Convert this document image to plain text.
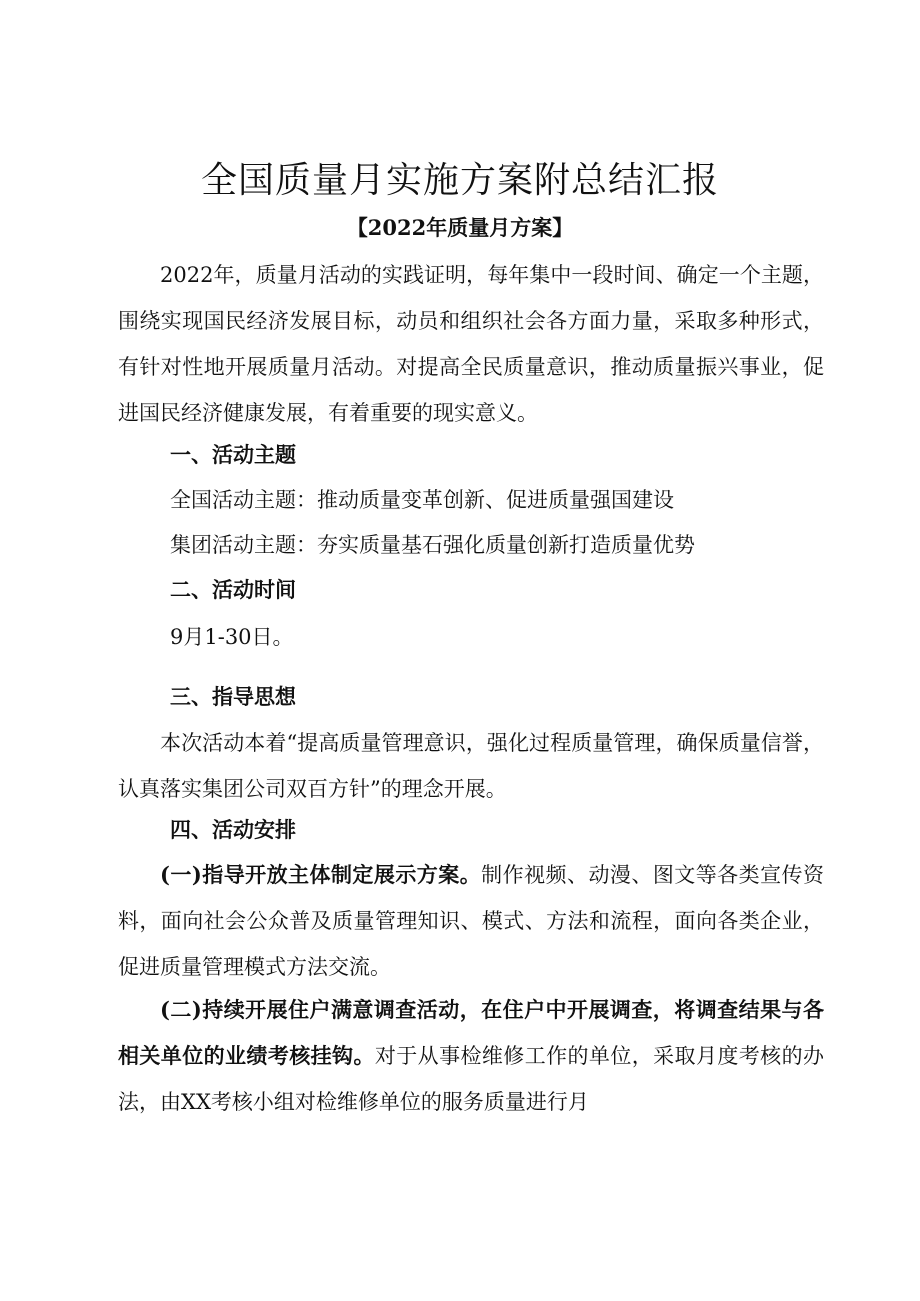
全国质量月实施方案附总结汇报
【2022年质量月方案】

2022年，质量月活动的实践证明，每年集中一段时间、确定一个主题，围绕实现国民经济发展目标，动员和组织社会各方面力量，采取多种形式，有针对性地开展质量月活动。对提高全民质量意识，推动质量振兴事业，促进国民经济健康发展，有着重要的现实意义。

一、活动主题

全国活动主题：推动质量变革创新、促进质量强国建设

集团活动主题：夯实质量基石强化质量创新打造质量优势

二、活动时间

9月1-30日。

三、指导思想

本次活动本着“提高质量管理意识，强化过程质量管理，确保质量信誉，认真落实集团公司双百方针”的理念开展。

四、活动安排

(一)指导开放主体制定展示方案。制作视频、动漫、图文等各类宣传资料，面向社会公众普及质量管理知识、模式、方法和流程，面向各类企业，促进质量管理模式方法交流。

(二)持续开展住户满意调查活动，在住户中开展调查，将调查结果与各相关单位的业绩考核挂钩。对于从事检维修工作的单位，采取月度考核的办法，由XX考核小组对检维修单位的服务质量进行月
